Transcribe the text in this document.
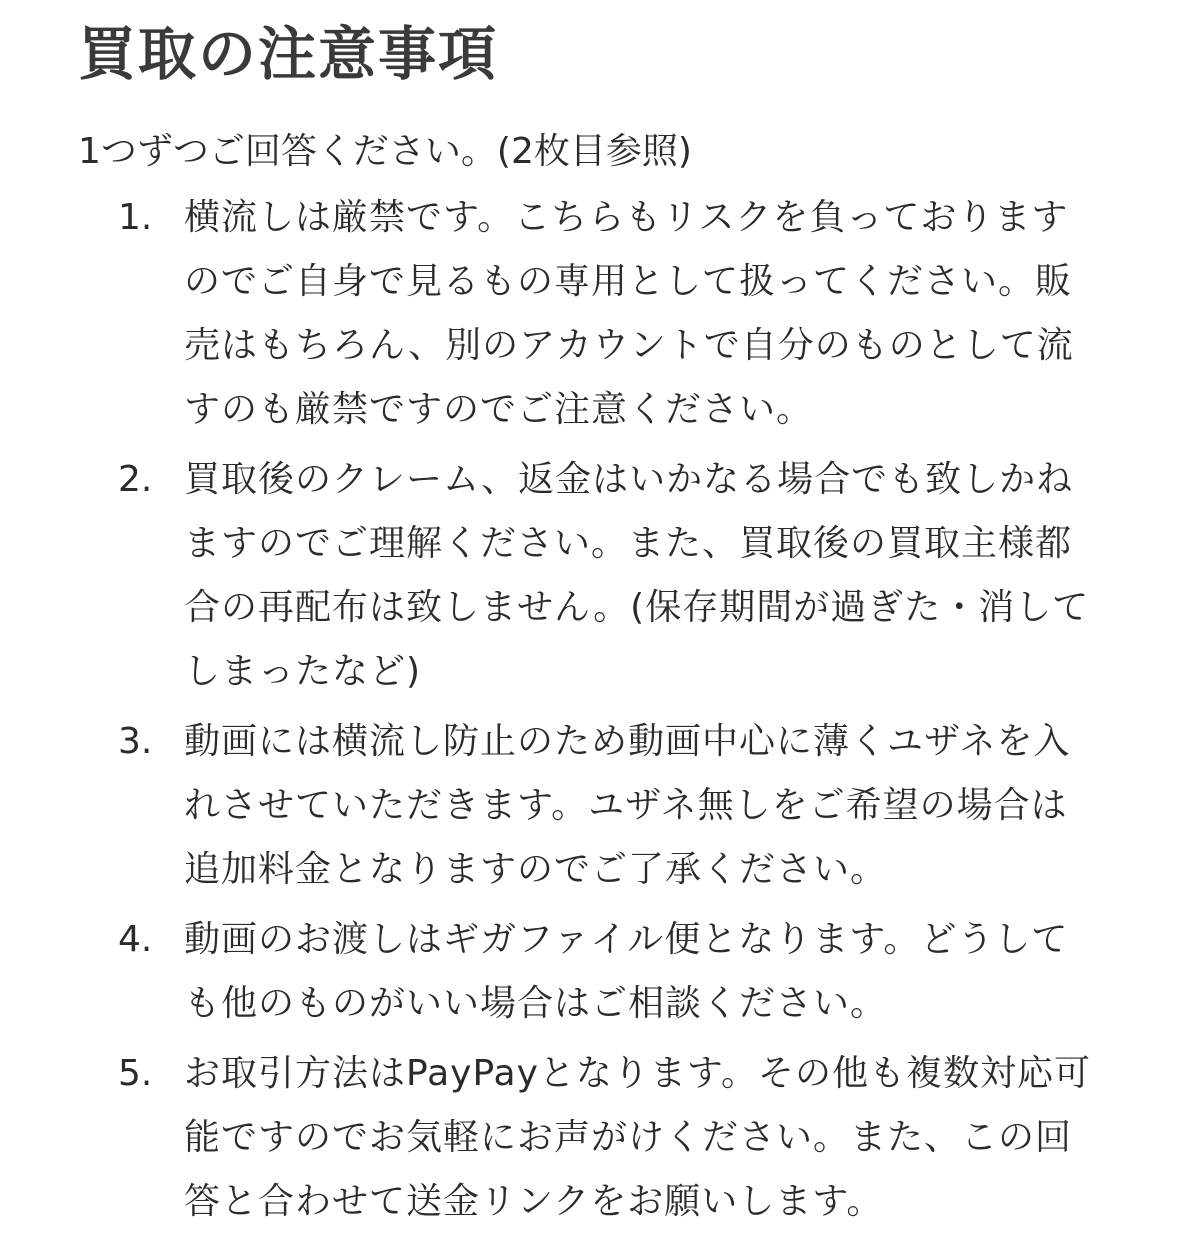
買取の注意事項

1つずつご回答ください。(2枚目参照)

1. 横流しは厳禁です。こちらもリスクを負っておりますのでご自身で見るもの専用として扱ってください。販売はもちろん、別のアカウントで自分のものとして流すのも厳禁ですのでご注意ください。
2. 買取後のクレーム、返金はいかなる場合でも致しかねますのでご理解ください。また、買取後の買取主様都合の再配布は致しません。(保存期間が過ぎた・消してしまったなど)
3. 動画には横流し防止のため動画中心に薄くユザネを入れさせていただきます。ユザネ無しをご希望の場合は追加料金となりますのでご了承ください。
4. 動画のお渡しはギガファイル便となります。どうしても他のものがいい場合はご相談ください。
5. お取引方法はPayPayとなります。その他も複数対応可能ですのでお気軽にお声がけください。また、この回答と合わせて送金リンクをお願いします。
